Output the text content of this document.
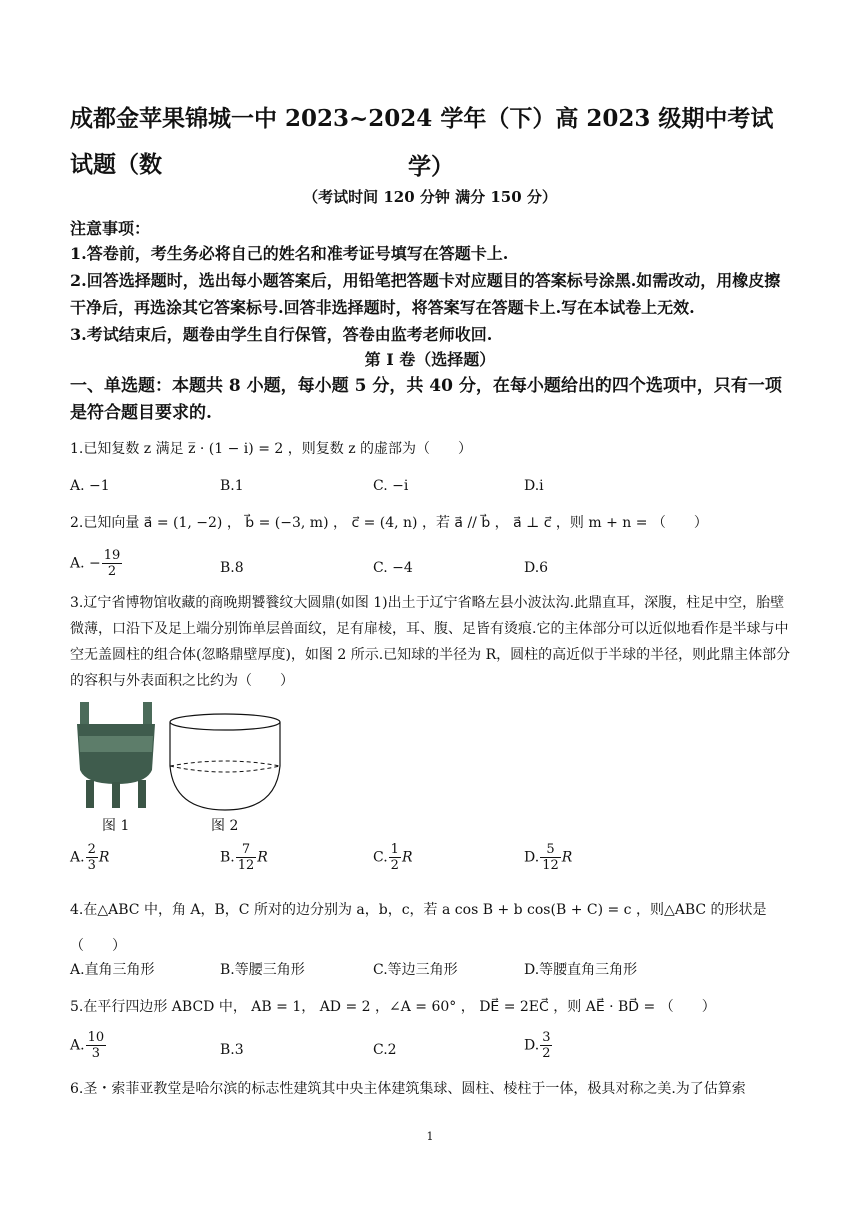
成都金苹果锦城一中 2023~2024 学年（下）高 2023 级期中考试试题（数	学）
（考试时间 120 分钟 满分 150 分）
注意事项：
1.答卷前，考生务必将自己的姓名和准考证号填写在答题卡上.
2.回答选择题时，选出每小题答案后，用铅笔把答题卡对应题目的答案标号涂黑.如需改动，用橡皮擦干净后，再选涂其它答案标号.回答非选择题时，将答案写在答题卡上.写在本试卷上无效.
3.考试结束后，题卷由学生自行保管，答卷由监考老师收回.
第 I 卷（选择题）
一、单选题：本题共 8 小题，每小题 5 分，共 40 分，在每小题给出的四个选项中，只有一项是符合题目要求的.
1.已知复数 z 满足 z̅ · (1 − i) = 2 ，则复数 z 的虚部为（　　）
A. −1	B.1	C. −i	D.i
2.已知向量 a⃗ = (1, −2) ， b⃗ = (−3, m) ， c⃗ = (4, n) ，若 a⃗ // b⃗ ， a⃗ ⊥ c⃗ ，则 m + n = （　　）
A. − $\frac{19}{2}$	B.8	C. −4	D.6
3.辽宁省博物馆收藏的商晚期饕餮纹大圆鼎(如图 1)出土于辽宁省略左县小波汰沟.此鼎直耳，深腹，柱足中空，胎壁微薄，口沿下及足上端分别饰单层兽面纹，足有扉棱，耳、腹、足皆有烫痕.它的主体部分可以近似地看作是半球与中空无盖圆柱的组合体(忽略鼎壁厚度)，如图 2 所示.已知球的半径为 R，圆柱的高近似于半球的半径，则此鼎主体部分的容积与外表面积之比约为（　　）
图 1	图 2
A. $\frac{2}{3}$ R	B. $\frac{7}{12}$ R	C. $\frac{1}{2}$ R	D. $\frac{5}{12}$ R
4.在△ABC 中，角 A，B，C 所对的边分别为 a，b，c，若 a cos B + b cos(B + C) = c ，则△ABC 的形状是（　　）
A.直角三角形	B.等腰三角形	C.等边三角形	D.等腰直角三角形
5.在平行四边形 ABCD 中， AB = 1， AD = 2 ，∠A = 60° ， DE⃗ = 2EC⃗ ，则 AE⃗ · BD⃗ = （　　）
A. $\frac{10}{3}$	B.3	C.2	D. $\frac{3}{2}$
6.圣・索菲亚教堂是哈尔滨的标志性建筑其中央主体建筑集球、圆柱、棱柱于一体，极具对称之美.为了估算索
1
